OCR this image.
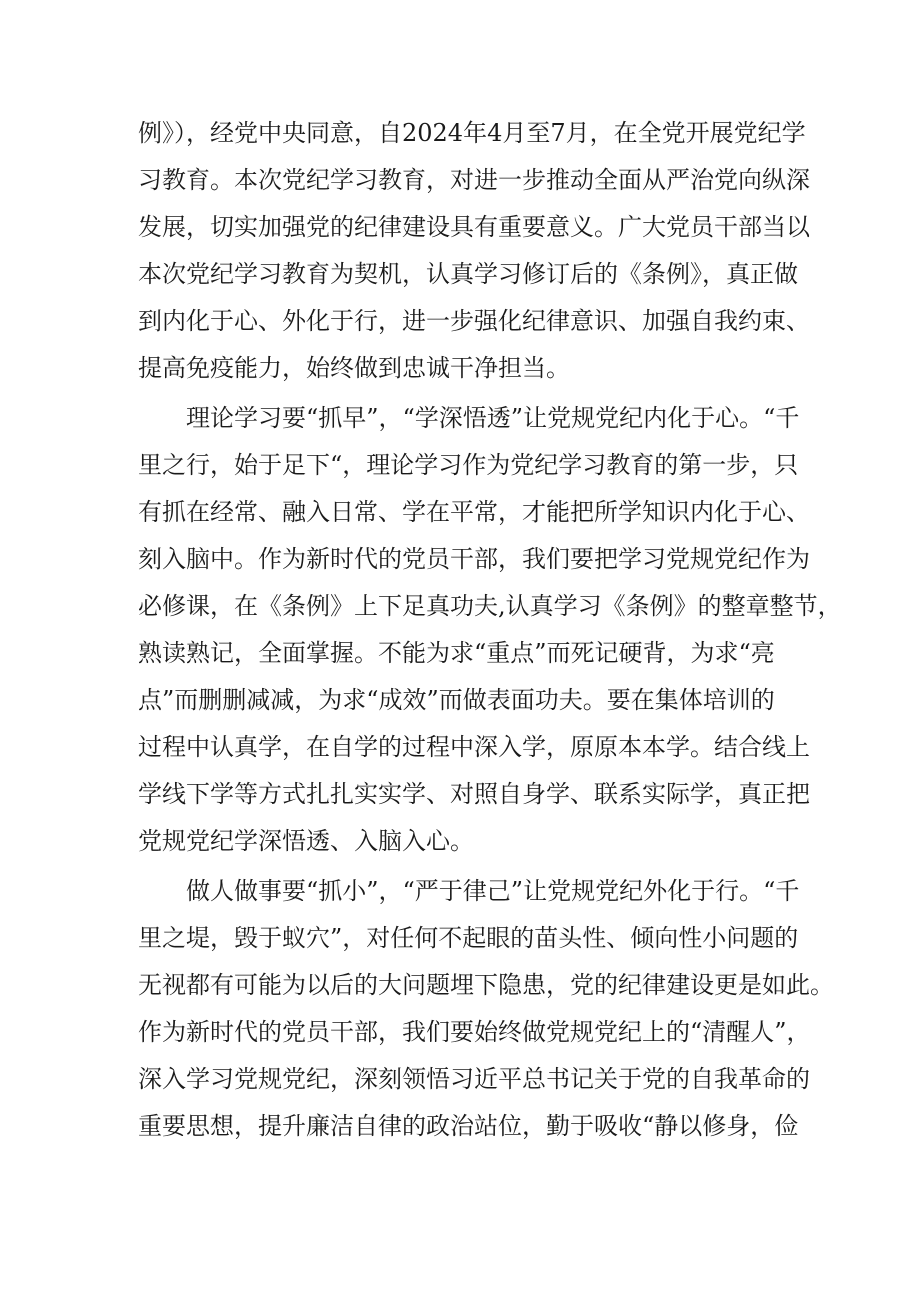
例》），经党中央同意，自2024年4月至7月，在全党开展党纪学
习教育。本次党纪学习教育，对进一步推动全面从严治党向纵深
发展，切实加强党的纪律建设具有重要意义。广大党员干部当以
本次党纪学习教育为契机，认真学习修订后的《条例》，真正做
到内化于心、外化于行，进一步强化纪律意识、加强自我约束、
提高免疫能力，始终做到忠诚干净担当。
　　理论学习要“抓早”，“学深悟透”让党规党纪内化于心。“千
里之行，始于足下“，理论学习作为党纪学习教育的第一步，只
有抓在经常、融入日常、学在平常，才能把所学知识内化于心、
刻入脑中。作为新时代的党员干部，我们要把学习党规党纪作为
必修课，在《条例》上下足真功夫,认真学习《条例》的整章整节，
熟读熟记，全面掌握。不能为求“重点”而死记硬背，为求“亮
点”而删删减减，为求“成效”而做表面功夫。要在集体培训的
过程中认真学，在自学的过程中深入学，原原本本学。结合线上
学线下学等方式扎扎实实学、对照自身学、联系实际学，真正把
党规党纪学深悟透、入脑入心。
　　做人做事要“抓小”，“严于律己”让党规党纪外化于行。“千
里之堤，毁于蚁穴”，对任何不起眼的苗头性、倾向性小问题的
无视都有可能为以后的大问题埋下隐患，党的纪律建设更是如此。
作为新时代的党员干部，我们要始终做党规党纪上的“清醒人”，
深入学习党规党纪，深刻领悟习近平总书记关于党的自我革命的
重要思想，提升廉洁自律的政治站位，勤于吸收“静以修身，俭
